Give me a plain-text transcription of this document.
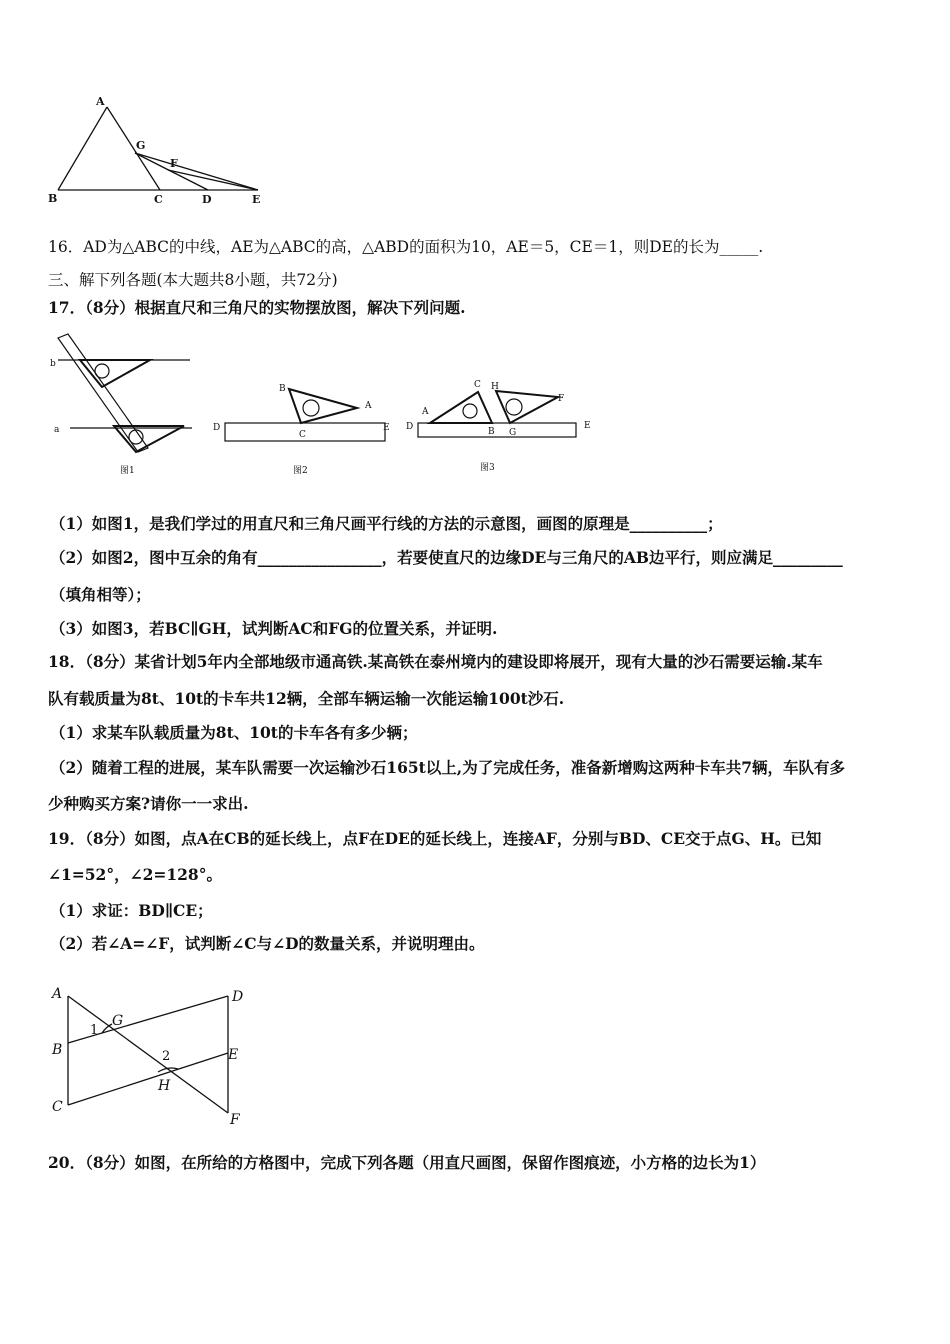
A
G
F
B	C	D	E
16．AD为△ABC的中线，AE为△ABC的高，△ABD的面积为10，AE＝5，CE＝1，则DE的长为_____.
三、解下列各题(本大题共8小题，共72分)
17．（8分）根据直尺和三角尺的实物摆放图，解决下列问题.
b
a
图1
B
A
C
D	E
图2
A
C H
F
D	B G
E
图3
（1）如图1，是我们学过的用直尺和三角尺画平行线的方法的示意图，画图的原理是__________；
（2）如图2，图中互余的角有________________，若要使直尺的边缘DE与三角尺的AB边平行，则应满足_________
（填角相等）；
（3）如图3，若BC∥GH，试判断AC和FG的位置关系，并证明.
18．（8分）某省计划5年内全部地级市通高铁.某高铁在泰州境内的建设即将展开，现有大量的沙石需要运输.某车
队有载质量为8t、10t的卡车共12辆，全部车辆运输一次能运输100t沙石.
（1）求某车队载质量为8t、10t的卡车各有多少辆；
（2）随着工程的进展，某车队需要一次运输沙石165t以上,为了完成任务，准备新增购这两种卡车共7辆，车队有多
少种购买方案?请你一一求出.
19．（8分）如图，点A在CB的延长线上，点F在DE的延长线上，连接AF，分别与BD、CE交于点G、H。已知
∠1=52°，∠2=128°。
（1）求证：BD∥CE；
（2）若∠A=∠F，试判断∠C与∠D的数量关系，并说明理由。
A
B
C
D
E
F
G
H
1
2
20．（8分）如图，在所给的方格图中，完成下列各题（用直尺画图，保留作图痕迹，小方格的边长为1）
